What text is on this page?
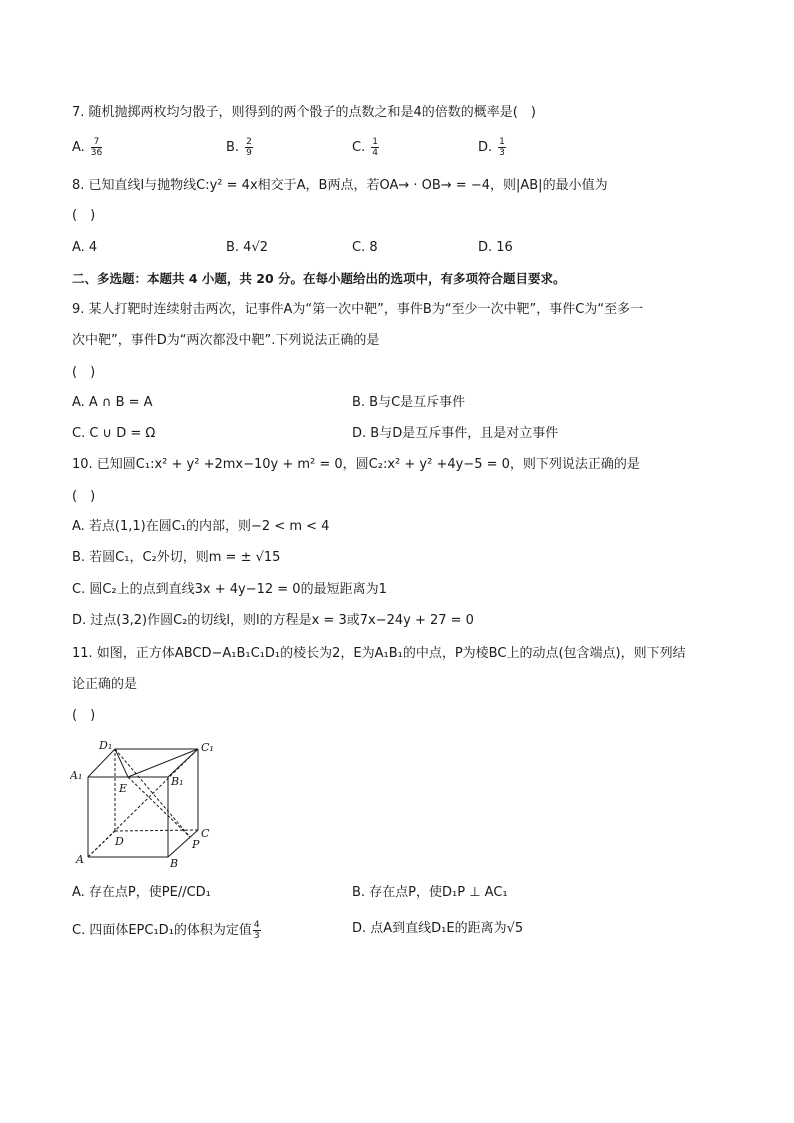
7. 随机抛掷两枚均匀骰子，则得到的两个骰子的点数之和是4的倍数的概率是(　)
A. $\frac{7}{36}$	B. $\frac{2}{9}$	C. $\frac{1}{4}$	D. $\frac{1}{3}$
8. 已知直线l与抛物线C:y² = 4x相交于A，B两点，若OA→ · OB→ = −4，则|AB|的最小值为
(　)
A. 4	B. 4√2	C. 8	D. 16
二、多选题：本题共 4 小题，共 20 分。在每小题给出的选项中，有多项符合题目要求。
9. 某人打靶时连续射击两次，记事件A为“第一次中靶”，事件B为“至少一次中靶”，事件C为“至多一
次中靶”，事件D为“两次都没中靶”.下列说法正确的是
(　)
A. A ∩ B = A	B. B与C是互斥事件
C. C ∪ D = Ω	D. B与D是互斥事件，且是对立事件
10. 已知圆C₁:x² + y² +2mx−10y + m² = 0，圆C₂:x² + y² +4y−5 = 0，则下列说法正确的是
(　)
A. 若点(1,1)在圆C₁的内部，则−2 < m < 4
B. 若圆C₁，C₂外切，则m = ± √15
C. 圆C₂上的点到直线3x + 4y−12 = 0的最短距离为1
D. 过点(3,2)作圆C₂的切线l，则l的方程是x = 3或7x−24y + 27 = 0
11. 如图，正方体ABCD−A₁B₁C₁D₁的棱长为2，E为A₁B₁的中点，P为棱BC上的动点(包含端点)，则下列结
论正确的是
(　)
D₁	C₁
A₁	B₁
E
D
C
P
A	B
A. 存在点P，使PE//CD₁	B. 存在点P，使D₁P ⊥ AC₁
C. 四面体EPC₁D₁的体积为定值 $\frac{4}{3}$	D. 点A到直线D₁E的距离为√5
